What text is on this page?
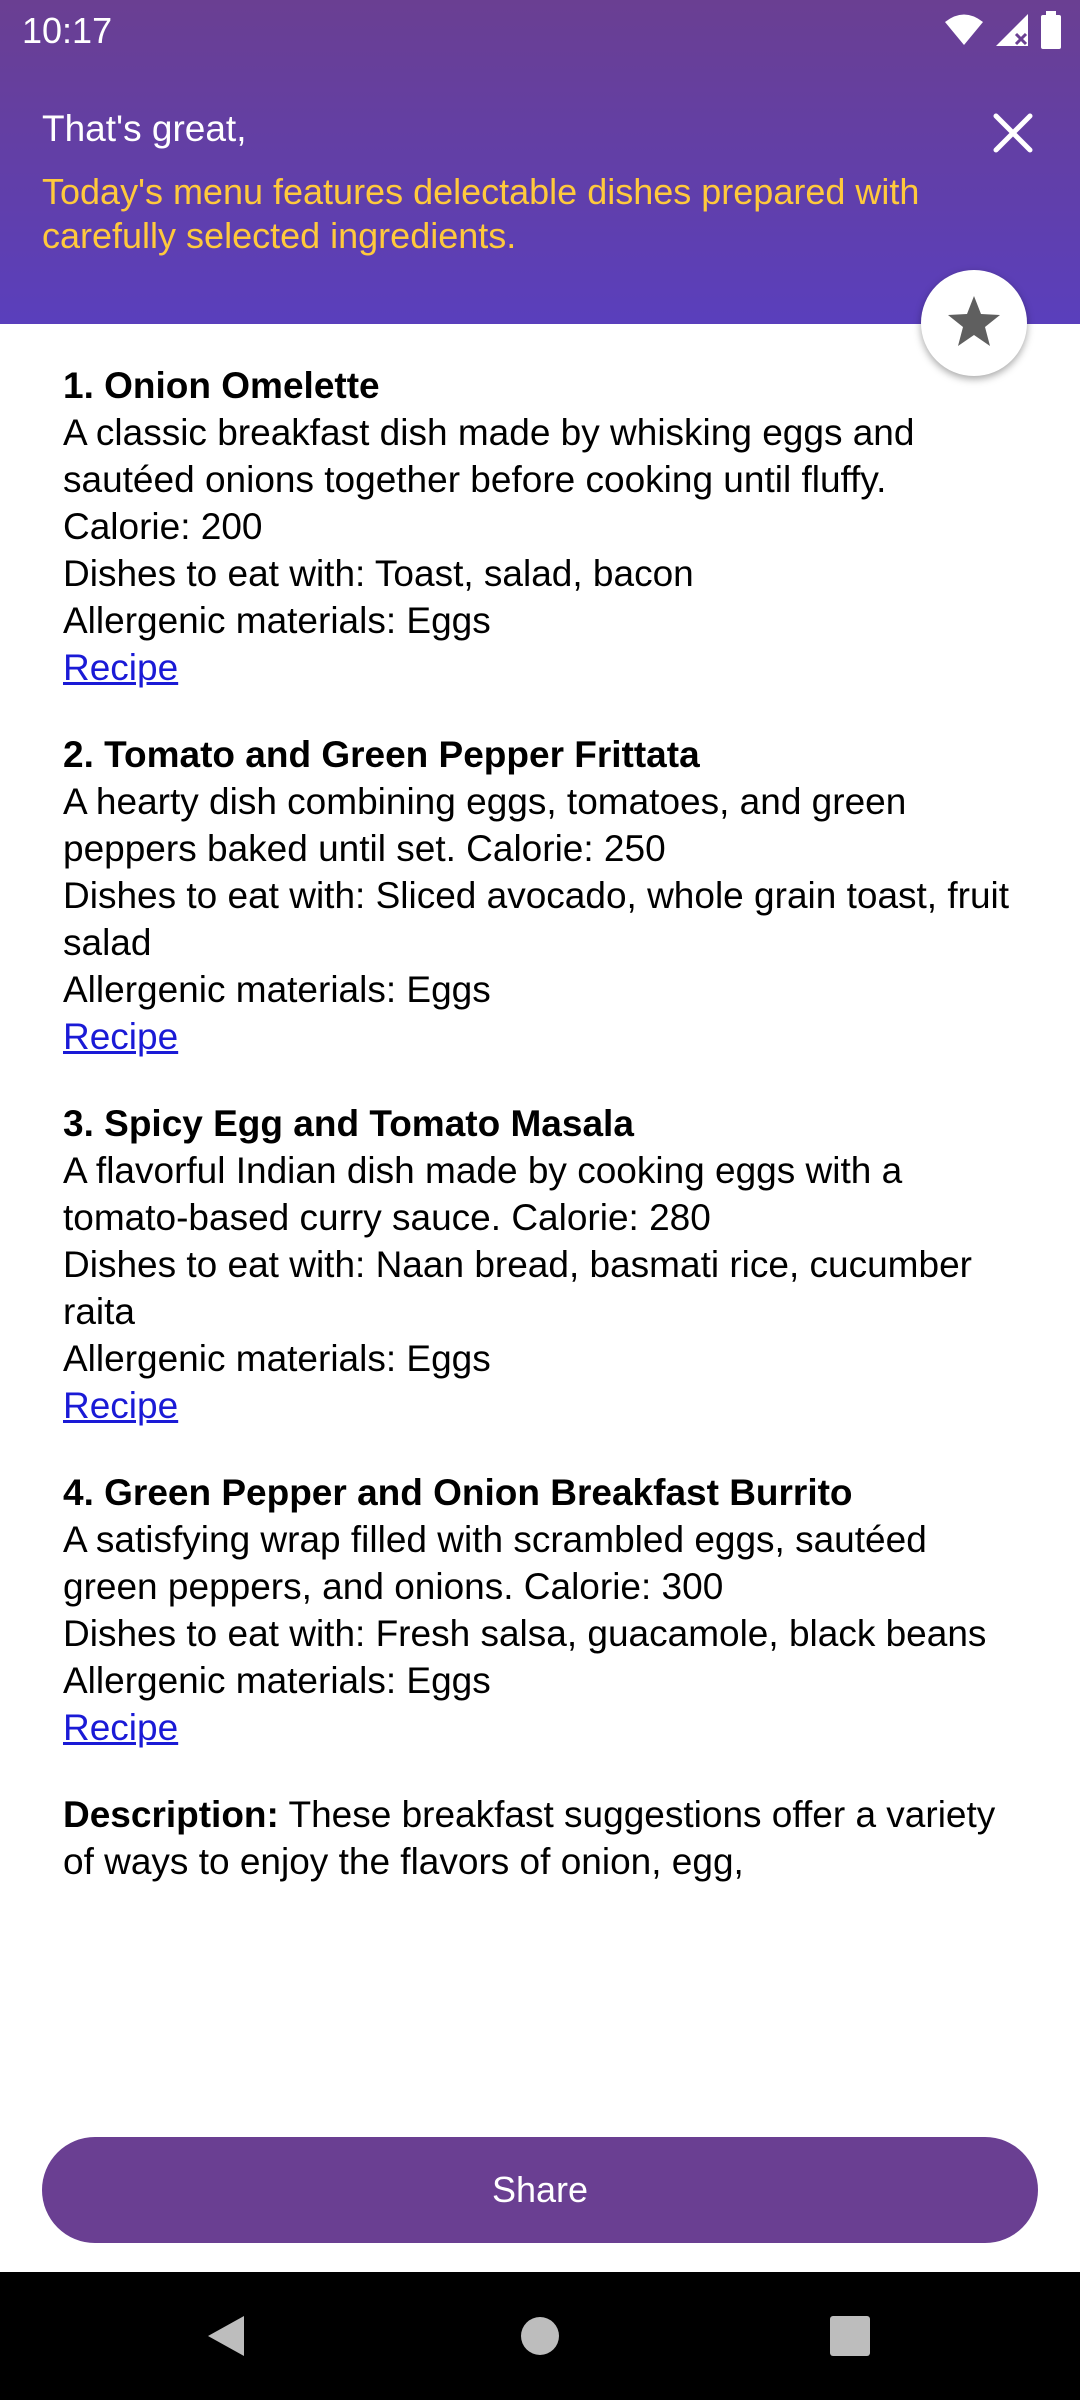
10:17
That's great,
Today's menu features delectable dishes prepared with carefully selected ingredients.
1. Onion Omelette
A classic breakfast dish made by whisking eggs and sautéed onions together before cooking until fluffy.
Calorie: 200
Dishes to eat with: Toast, salad, bacon
Allergenic materials: Eggs
Recipe
2. Tomato and Green Pepper Frittata
A hearty dish combining eggs, tomatoes, and green peppers baked until set. Calorie: 250
Dishes to eat with: Sliced avocado, whole grain toast, fruit salad
Allergenic materials: Eggs
Recipe
3. Spicy Egg and Tomato Masala
A flavorful Indian dish made by cooking eggs with a tomato-based curry sauce. Calorie: 280
Dishes to eat with: Naan bread, basmati rice, cucumber raita
Allergenic materials: Eggs
Recipe
4. Green Pepper and Onion Breakfast Burrito
A satisfying wrap filled with scrambled eggs, sautéed green peppers, and onions. Calorie: 300
Dishes to eat with: Fresh salsa, guacamole, black beans
Allergenic materials: Eggs
Recipe
Description: These breakfast suggestions offer a variety of ways to enjoy the flavors of onion, egg,
Share
